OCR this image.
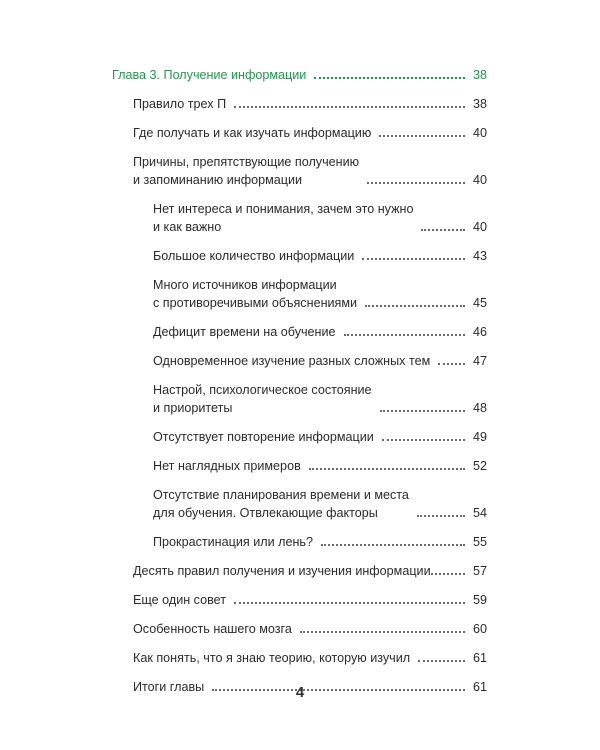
Глава 3. Получение информации	38
Правило трех П	38
Где получать и как изучать информацию	40
Причины, препятствующие получению
и запоминанию информации	40
Нет интереса и понимания, зачем это нужно
и как важно	40
Большое количество информации	43
Много источников информации
с противоречивыми объяснениями	45
Дефицит времени на обучение	46
Одновременное изучение разных сложных тем	47
Настрой, психологическое состояние
и приоритеты	48
Отсутствует повторение информации	49
Нет наглядных примеров	52
Отсутствие планирования времени и места
для обучения. Отвлекающие факторы	54
Прокрастинация или лень?	55
Десять правил получения и изучения информации	57
Еще один совет	59
Особенность нашего мозга	60
Как понять, что я знаю теорию, которую изучил	61
Итоги главы	61
4
